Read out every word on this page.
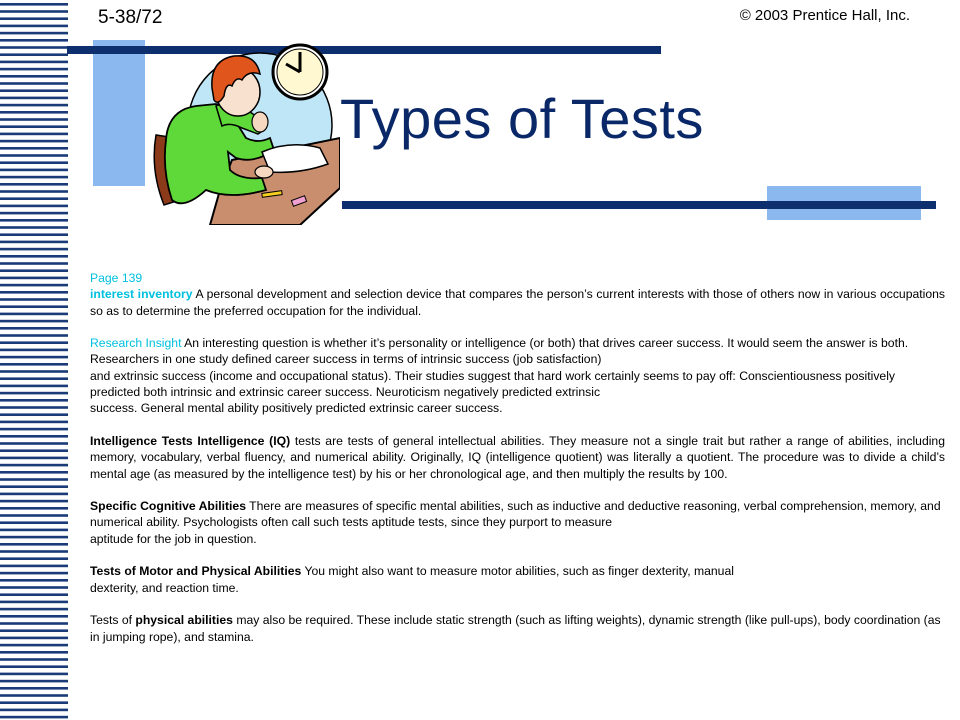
5-38/72	© 2003 Prentice Hall, Inc.
Types of Tests

Page 139
interest inventory A personal development and selection device that compares the person’s current interests with those of others now in various occupations so as to determine the preferred occupation for the individual.

Research Insight An interesting question is whether it’s personality or intelligence (or both) that drives career success. It would seem the answer is both. Researchers in one study defined career success in terms of intrinsic success (job satisfaction)
and extrinsic success (income and occupational status). Their studies suggest that hard work certainly seems to pay off: Conscientiousness positively predicted both intrinsic and extrinsic career success. Neuroticism negatively predicted extrinsic
success. General mental ability positively predicted extrinsic career success.

Intelligence Tests Intelligence (IQ) tests are tests of general intellectual abilities. They measure not a single trait but rather a range of abilities, including memory, vocabulary, verbal fluency, and numerical ability. Originally, IQ (intelligence quotient) was literally a quotient. The procedure was to divide a child’s mental age (as measured by the intelligence test) by his or her chronological age, and then multiply the results by 100.

Specific Cognitive Abilities There are measures of specific mental abilities, such as inductive and deductive reasoning, verbal comprehension, memory, and numerical ability. Psychologists often call such tests aptitude tests, since they purport to measure
aptitude for the job in question.

Tests of Motor and Physical Abilities You might also want to measure motor abilities, such as finger dexterity, manual
dexterity, and reaction time.

Tests of physical abilities may also be required. These include static strength (such as lifting weights), dynamic strength (like pull-ups), body coordination (as in jumping rope), and stamina.
